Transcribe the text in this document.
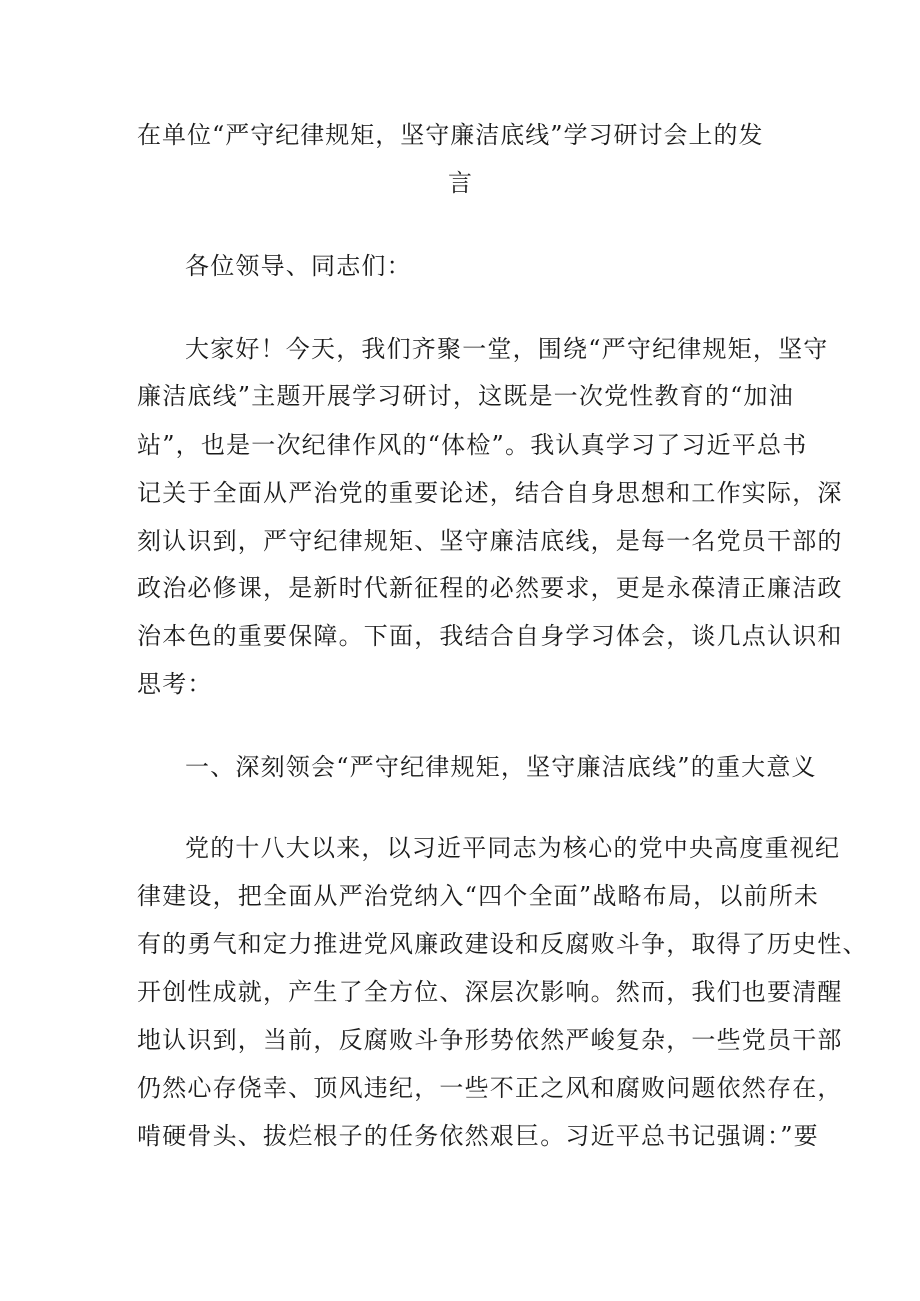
在单位“严守纪律规矩，坚守廉洁底线”学习研讨会上的发
言
各位领导、同志们：
大家好！今天，我们齐聚一堂，围绕“严守纪律规矩，坚守
廉洁底线”主题开展学习研讨，这既是一次党性教育的“加油
站”，也是一次纪律作风的“体检”。我认真学习了习近平总书
记关于全面从严治党的重要论述，结合自身思想和工作实际，深
刻认识到，严守纪律规矩、坚守廉洁底线，是每一名党员干部的
政治必修课，是新时代新征程的必然要求，更是永葆清正廉洁政
治本色的重要保障。下面，我结合自身学习体会，谈几点认识和
思考：
一、深刻领会“严守纪律规矩，坚守廉洁底线”的重大意义
党的十八大以来，以习近平同志为核心的党中央高度重视纪
律建设，把全面从严治党纳入“四个全面”战略布局，以前所未
有的勇气和定力推进党风廉政建设和反腐败斗争，取得了历史性、
开创性成就，产生了全方位、深层次影响。然而，我们也要清醒
地认识到，当前，反腐败斗争形势依然严峻复杂，一些党员干部
仍然心存侥幸、顶风违纪，一些不正之风和腐败问题依然存在，
啃硬骨头、拔烂根子的任务依然艰巨。习近平总书记强调：”要
